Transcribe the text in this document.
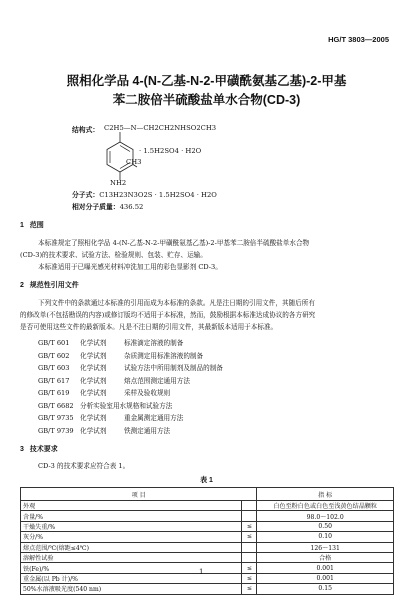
HG/T 3803—2005
照相化学品 4-(N-乙基-N-2-甲磺酰氨基乙基)-2-甲基
苯二胺倍半硫酸盐单水合物(CD-3)
结构式： C2H5—N—CH2CH2NHSO2CH3
· 1.5H2SO4 · H2O
CH3
NH2
分子式：C13H23N3O2S · 1.5H2SO4 · H2O
相对分子质量：436.52
1 范围
本标准规定了照相化学品 4-(N-乙基-N-2-甲磺酰氨基乙基)-2-甲基苯二胺倍半硫酸盐单水合物
(CD-3)的技术要求、试验方法、检验规则、包装、贮存、运输。
本标准适用于已曝光感光材料冲洗加工用的彩色显影剂 CD-3。
2 规范性引用文件
下列文件中的条款通过本标准的引用而成为本标准的条款。凡是注日期的引用文件，其随后所有
的修改单(不包括勘误的内容)或修订版均不适用于本标准，然而，鼓励根据本标准达成协议的各方研究
是否可使用这些文件的最新版本。凡是不注日期的引用文件，其最新版本适用于本标准。
GB/T 601 化学试剂	标准滴定溶液的制备
GB/T 602 化学试剂	杂质测定用标准溶液的制备
GB/T 603 化学试剂	试验方法中所用制剂及制品的制备
GB/T 617 化学试剂	熔点范围测定通用方法
GB/T 619 化学试剂	采样及验收规则
GB/T 6682 分析实验室用水规格和试验方法
GB/T 9735 化学试剂	重金属测定通用方法
GB/T 9739 化学试剂	铁测定通用方法
3 技术要求
CD-3 的技术要求应符合表 1。
表 1
项 目		指 标
外观		白色至粉白色或白色至浅黄色结晶颗粒
含量/%		98.0～102.0
干燥失重/%	≤	0.50
灰分/%	≤	0.10
熔点范围/℃(熔距≤4℃)		126～131
溶解性试验		合格
铁(Fe)/%	≤	0.001
重金属(以 Pb 计)/%	≤	0.001
50%水溶液吸光度(540 nm)	≤	0.15
1
